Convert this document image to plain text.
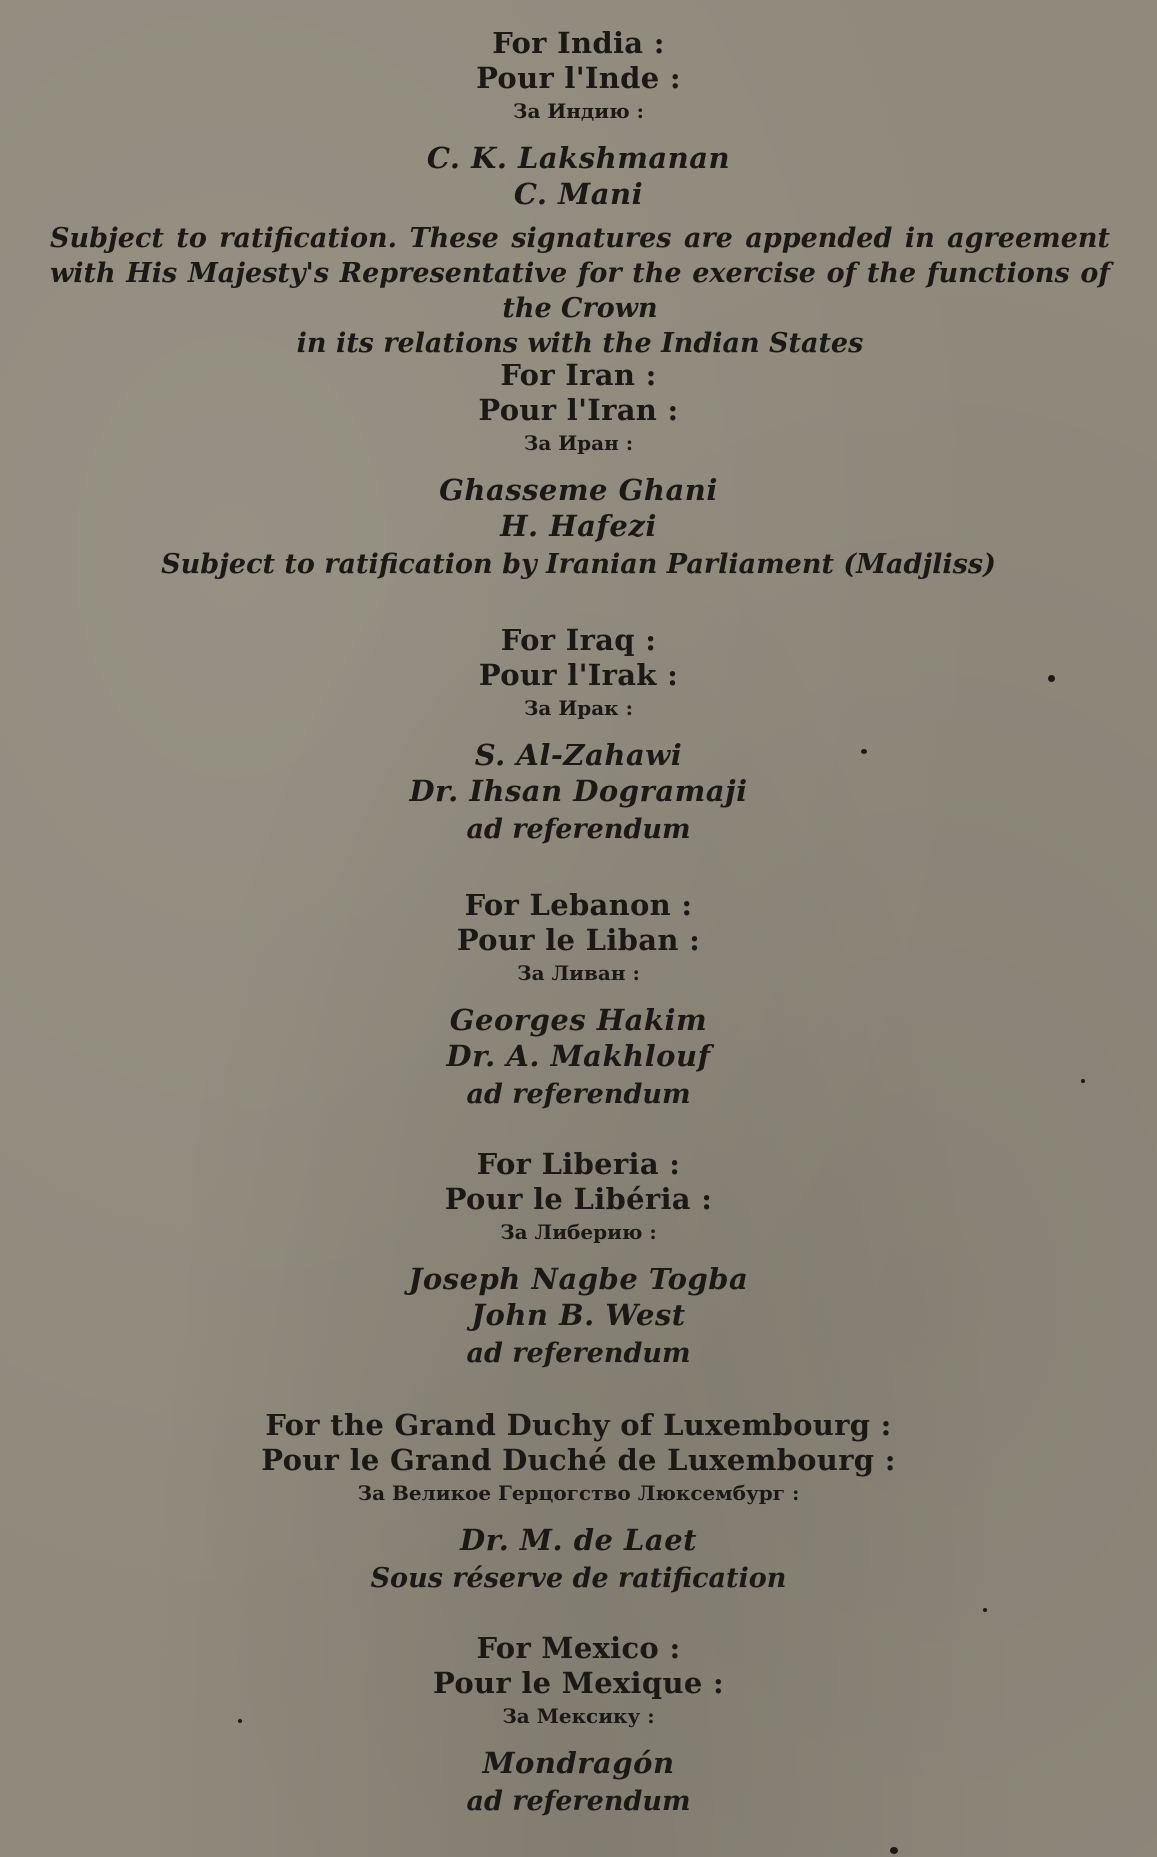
For India :
Pour l'Inde :
За Индию :
C. K. Lakshmanan
C. Mani
Subject to ratification. These signatures are appended in agreement with His Majesty's Representative for the exercise of the functions of the Crown
in its relations with the Indian States
For Iran :
Pour l'Iran :
За Иран :
Ghasseme Ghani
H. Hafezi
Subject to ratification by Iranian Parliament (Madjliss)
For Iraq :
Pour l'Irak :
За Ирак :
S. Al-Zahawi
Dr. Ihsan Dogramaji
ad referendum
For Lebanon :
Pour le Liban :
За Ливан :
Georges Hakim
Dr. A. Makhlouf
ad referendum
For Liberia :
Pour le Libéria :
За Либерию :
Joseph Nagbe Togba
John B. West
ad referendum
For the Grand Duchy of Luxembourg :
Pour le Grand Duché de Luxembourg :
За Великое Герцогство Люксембург :
Dr. M. de Laet
Sous réserve de ratification
For Mexico :
Pour le Mexique :
За Мексику :
Mondragón
ad referendum
